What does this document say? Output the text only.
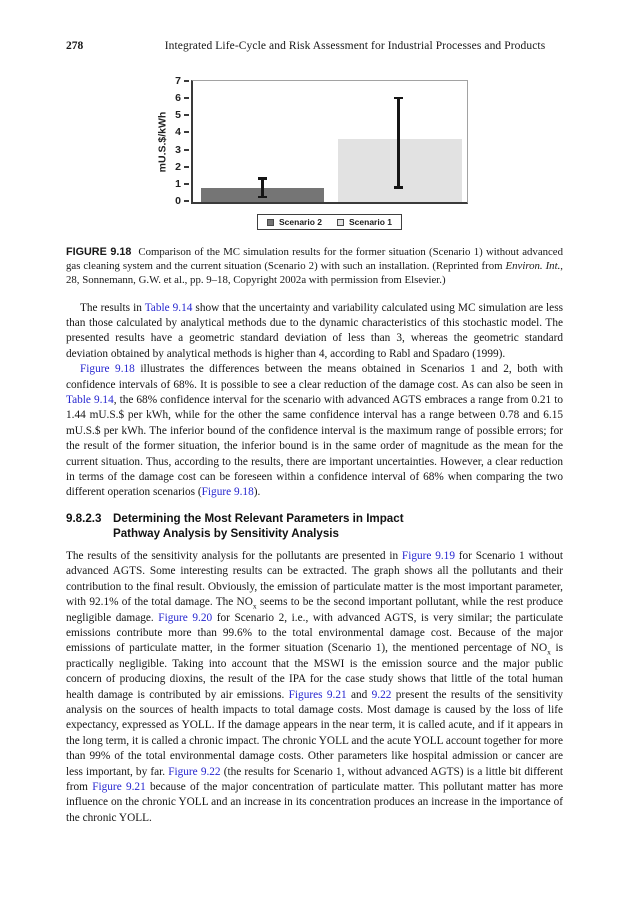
278	Integrated Life-Cycle and Risk Assessment for Industrial Processes and Products
mU.S.$/kWh
0
1
2
3
4
5
6
7
Scenario 2	Scenario 1
FIGURE 9.18 Comparison of the MC simulation results for the former situation (Scenario 1) without advanced gas cleaning system and the current situation (Scenario 2) with such an installation. (Reprinted from Environ. Int., 28, Sonnemann, G.W. et al., pp. 9–18, Copyright 2002a with permission from Elsevier.)

The results in Table 9.14 show that the uncertainty and variability calculated using MC simulation are less than those calculated by analytical methods due to the dynamic characteristics of this stochastic model. The presented results have a geometric standard deviation of less than 3, whereas the geometric standard deviation obtained by analytical methods is higher than 4, according to Rabl and Spadaro (1999).

Figure 9.18 illustrates the differences between the means obtained in Scenarios 1 and 2, both with confidence intervals of 68%. It is possible to see a clear reduction of the damage cost. As can also be seen in Table 9.14, the 68% confidence interval for the scenario with advanced AGTS embraces a range from 0.21 to 1.44 mU.S.$ per kWh, while for the other the same confidence interval has a range between 0.78 and 6.15 mU.S.$ per kWh. The inferior bound of the confidence interval is the maximum range of possible errors; for the result of the former situation, the inferior bound is in the same order of magnitude as the mean for the current situation. Thus, according to the results, there are important uncertainties. However, a clear reduction in terms of the damage cost can be foreseen within a confidence interval of 68% when comparing the two different operation scenarios (Figure 9.18).

9.8.2.3 Determining the Most Relevant Parameters in Impact
Pathway Analysis by Sensitivity Analysis

The results of the sensitivity analysis for the pollutants are presented in Figure 9.19 for Scenario 1 without advanced AGTS. Some interesting results can be extracted. The graph shows all the pollutants and their contribution to the final result. Obviously, the emission of particulate matter is the most important parameter, with 92.1% of the total damage. The $NO_x$ seems to be the second important pollutant, while the rest produce negligible damage. Figure 9.20 for Scenario 2, i.e., with advanced AGTS, is very similar; the particulate emissions contribute more than 99.6% to the total environmental damage cost. Because of the major emissions of particulate matter, in the former situation (Scenario 1), the mentioned percentage of $NO_x$ is practically negligible. Taking into account that the MSWI is the emission source and the major public concern of producing dioxins, the result of the IPA for the case study shows that little of the total human health damage is contributed by air emissions. Figures 9.21 and 9.22 present the results of the sensitivity analysis on the sources of health impacts to total damage costs. Most damage is caused by the loss of life expectancy, expressed as YOLL. If the damage appears in the near term, it is called acute, and if it appears in the long term, it is called a chronic impact. The chronic YOLL and the acute YOLL account together for more than 99% of the total environmental damage costs. Other parameters like hospital admission or cancer are less important, by far. Figure 9.22 (the results for Scenario 1, without advanced AGTS) is a little bit different from Figure 9.21 because of the major concentration of particulate matter. This pollutant matter has more influence on the chronic YOLL and an increase in its concentration produces an increase in the importance of the chronic YOLL.
